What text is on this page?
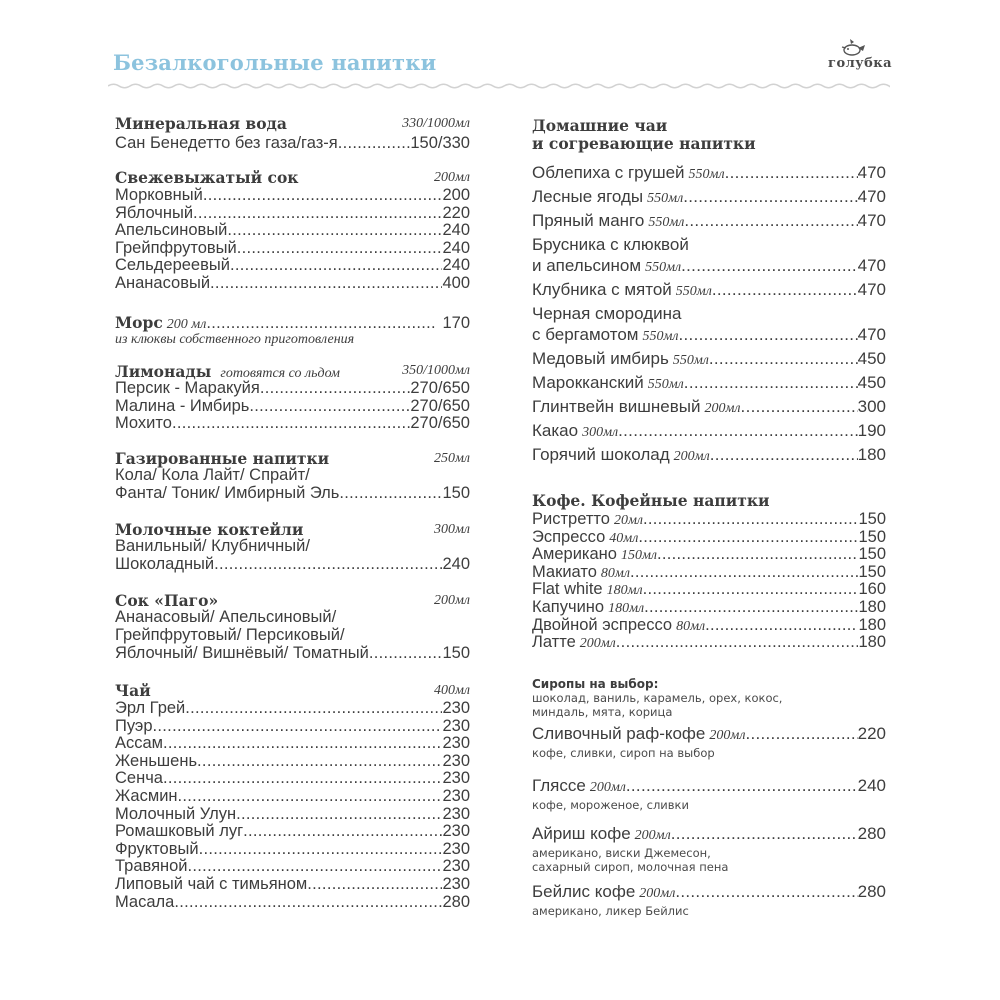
Безалкогольные напитки	голубка
Минеральная вода	330/1000мл
Сан Бенедетто без газа/газ-я .....	150/330
Свежевыжатый сок	200мл
Морковный .....	200
Яблочный .....	220
Апельсиновый .....	240
Грейпфрутовый .....	240
Сельдереевый .....	240
Ананасовый .....	400
Морс 200 мл .....	170
из клюквы собственного приготовления
Лимонады готовятся со льдом	350/1000мл
Персик - Маракуйя .....	270/650
Малина - Имбирь .....	270/650
Мохито .....	270/650
Газированные напитки	250мл
Кола/ Кола Лайт/ Спрайт/
Фанта/ Тоник/ Имбирный Эль .....	150
Молочные коктейли	300мл
Ванильный/ Клубничный/
Шоколадный .....	240
Сок «Паго»	200мл
Ананасовый/ Апельсиновый/
Грейпфрутовый/ Персиковый/
Яблочный/ Вишнёвый/ Томатный .....	150
Чай	400мл
Эрл Грей .....	230
Пуэр .....	230
Ассам .....	230
Женьшень .....	230
Сенча .....	230
Жасмин .....	230
Молочный Улун .....	230
Ромашковый луг .....	230
Фруктовый .....	230
Травяной .....	230
Липовый чай с тимьяном .....	230
Масала .....	280
Домашние чаи
и согревающие напитки
Облепиха с грушей 550мл .....	470
Лесные ягоды 550мл .....	470
Пряный манго 550мл .....	470
Брусника с клюквой
и апельсином 550мл .....	470
Клубника с мятой 550мл .....	470
Черная смородина
с бергамотом 550мл .....	470
Медовый имбирь 550мл .....	450
Марокканский 550мл .....	450
Глинтвейн вишневый 200мл .....	300
Какао 300мл .....	190
Горячий шоколад 200мл .....	180
Кофе. Кофейные напитки
Ристретто 20мл .....	150
Эспрессо 40мл .....	150
Американо 150мл .....	150
Макиато 80мл .....	150
Flat white 180мл .....	160
Капучино 180мл .....	180
Двойной эспрессо 80мл .....	180
Латте 200мл .....	180
Сиропы на выбор:
шоколад, ваниль, карамель, орех, кокос,
миндаль, мята, корица
Сливочный раф-кофе 200мл .....	220
кофе, сливки, сироп на выбор
Гляссе 200мл .....	240
кофе, мороженое, сливки
Айриш кофе 200мл .....	280
американо, виски Джемесон,
сахарный сироп, молочная пена
Бейлис кофе 200мл .....	280
американо, ликер Бейлис
